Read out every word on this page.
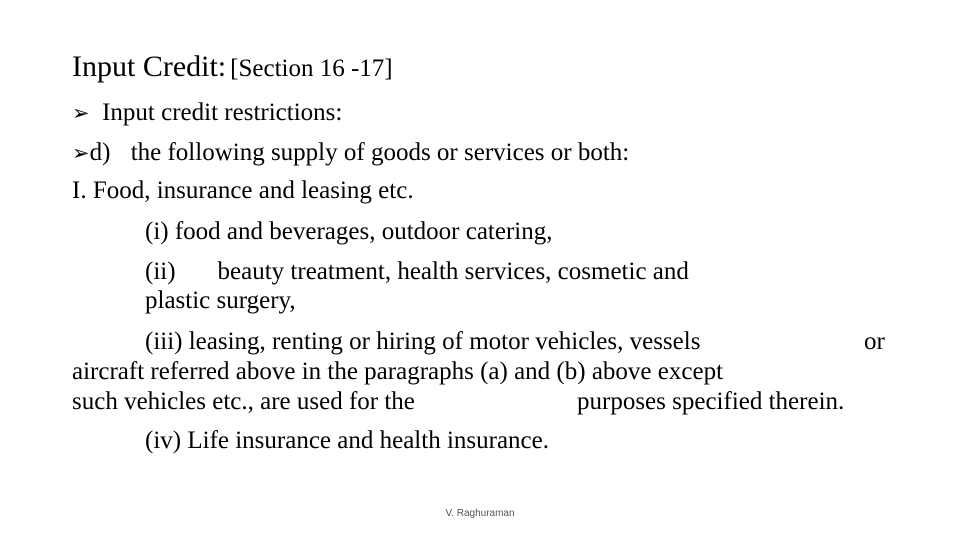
Input Credit: [Section 16 -17]
➢ Input credit restrictions:
➢d) the following supply of goods or services or both:
I. Food, insurance and leasing etc.
(i) food and beverages, outdoor catering,
(ii) beauty treatment, health services, cosmetic and
plastic surgery,
(iii) leasing, renting or hiring of motor vehicles, vessels	or
aircraft referred above in the paragraphs (a) and (b) above except
such vehicles etc., are used for the	purposes specified therein.
(iv) Life insurance and health insurance.
V. Raghuraman
